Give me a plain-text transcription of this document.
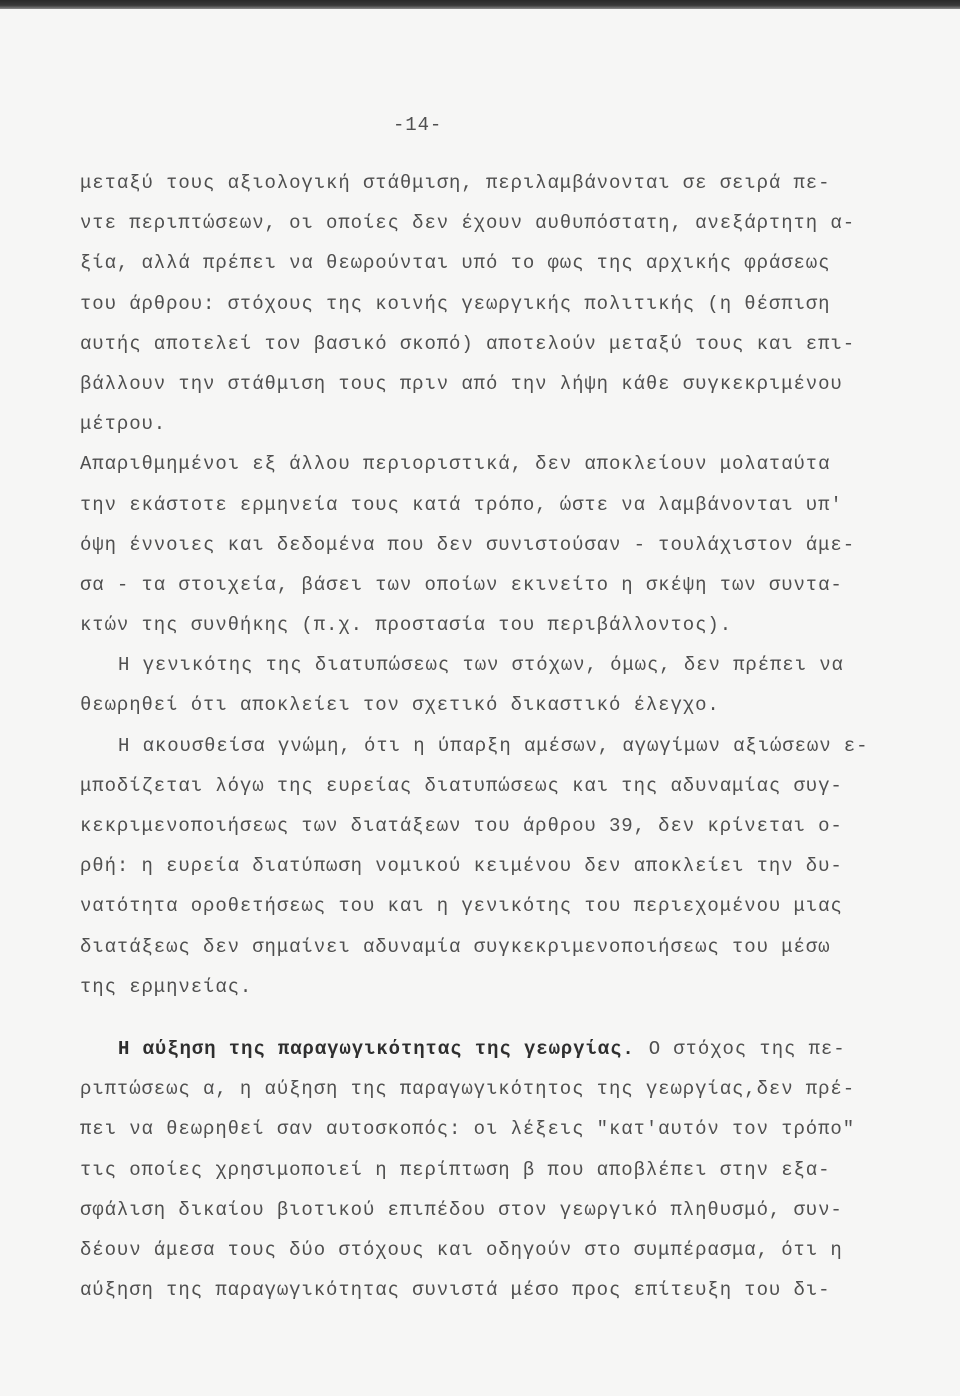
-14-
μεταξύ τους αξιολογική στάθμιση, περιλαμβάνονται σε σειρά πε-
ντε περιπτώσεων, οι οποίες δεν έχουν αυθυπόστατη, ανεξάρτητη α-
ξία, αλλά πρέπει να θεωρούνται υπό το φως της αρχικής φράσεως
του άρθρου: στόχους της κοινής γεωργικής πολιτικής (η θέσπιση
αυτής αποτελεί τον βασικό σκοπό) αποτελούν μεταξύ τους και επι-
βάλλουν την στάθμιση τους πριν από την λήψη κάθε συγκεκριμένου
μέτρου.
Απαριθμημένοι εξ άλλου περιοριστικά, δεν αποκλείουν μολαταύτα
την εκάστοτε ερμηνεία τους κατά τρόπο, ώστε να λαμβάνονται υπ'
όψη έννοιες και δεδομένα που δεν συνιστούσαν - τουλάχιστον άμε-
σα - τα στοιχεία, βάσει των οποίων εκινείτο η σκέψη των συντα-
κτών της συνθήκης (π.χ. προστασία του περιβάλλοντος).
Η γενικότης της διατυπώσεως των στόχων, όμως, δεν πρέπει να
θεωρηθεί ότι αποκλείει τον σχετικό δικαστικό έλεγχο.
Η ακουσθείσα γνώμη, ότι η ύπαρξη αμέσων, αγωγίμων αξιώσεων ε-
μποδίζεται λόγω της ευρείας διατυπώσεως και της αδυναμίας συγ-
κεκριμενοποιήσεως των διατάξεων του άρθρου 39, δεν κρίνεται ο-
ρθή: η ευρεία διατύπωση νομικού κειμένου δεν αποκλείει την δυ-
νατότητα οροθετήσεως του και η γενικότης του περιεχομένου μιας
διατάξεως δεν σημαίνει αδυναμία συγκεκριμενοποιήσεως του μέσω
της ερμηνείας.
Η αύξηση της παραγωγικότητας της γεωργίας. Ο στόχος της πε-
ριπτώσεως α, η αύξηση της παραγωγικότητος της γεωργίας,δεν πρέ-
πει να θεωρηθεί σαν αυτοσκοπός: οι λέξεις "κατ'αυτόν τον τρόπο"
τις οποίες χρησιμοποιεί η περίπτωση β που αποβλέπει στην εξα-
σφάλιση δικαίου βιοτικού επιπέδου στον γεωργικό πληθυσμό, συν-
δέουν άμεσα τους δύο στόχους και οδηγούν στο συμπέρασμα, ότι η
αύξηση της παραγωγικότητας συνιστά μέσο προς επίτευξη του δι-
